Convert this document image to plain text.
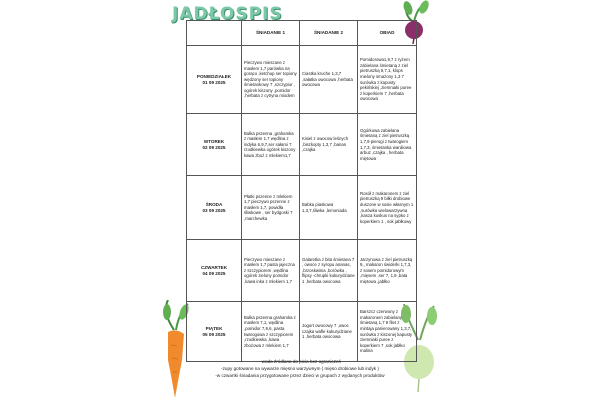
JADŁOSPIS
	ŚNIADANIE 1	ŚNIADANIE 2	OBIAD

PONIEDZIAŁEK
01 09 2025	Pieczywo mieszane z masłem 1,7 parówka na gorąco ,ketchup ser topiony wędzony ser topiony śmietankowy 7 ,szczypior , ogórek kiszony ,pomidor ,herbata z cytryna miodem	Ciastka kruche 1,3,7 ,sałatka owocowa ,herbata owocowa	Pomidorowa1,9,7 z ryżem zabielana śmietaną z ziel pietruszką 9,7,1, klops mielony smażony 1,3 7 surówka z kapusty pekińskiej ,ziemniaki puree z koperkiem 7 ,herbata owocowa

WTOREK
02 09 2025	Bułka pszenna ,grahamka z masłem 1,7 wędlina z indyka 6,9,7,ser sałami 7 rzodkiewka ogórek kiszony kawa zboż z mlekiem1,7	Kisiel z owocow leśnych ,biszkopty 1,3,7 ,banan ,czajka	Ogórkowa zabielana śmietaną z ziel pietruszką 1,7,9 pierogi z twarogiem 1,7,3, śmietanka waniliowa arbuz ,czajka , herbata miętowa

ŚRODA
03 09 2025	Płatki pszenne z mlekiem 1,7 pieczywo pszenne z masłem 1,7, powidła śliwkowe , ser bydgoski 7 ,marchewka	Babka piaskowa 1,3,7,śliwka ,lemoniada	Rosół z makaronem z ziel pietruszką 9 biłki drobiowe duszone w sosie własnym 1 ,surówka wielowarzywna ,kasza kuskus na sypko z koperkiem 1 , sok jabłkowy

CZWARTEK
04 09 2025	Pieczywo mieszane z masłem 1,7 pasta jajeczna z szczypiorem ,wędlina ogórek zielony pomidor ,kawa inka z mlekiem 1,7	Galaretka z bita śmietana 7 , owoce z syropu ananas, ,brzoskwinia ,borówka , flipsy -chrupki kukurydziane 1 ,herbata owocowa	Jarzynowa z ziel pietruszką 9,, makaron świderki 1,7,3, z sosem pomidorowym ,mięsem ,ser 7, 1,9 ,bata miętowa ,jabłko

PIĄTEK
05 09 2025	Bułka pszenna grahamka z masłem 7,1, wędlina ,pomidor 7,9,6, pasta twarogowa z szczypiorem ,rzodkiewka ,kawa zbożowa z mlekiem 1,7	Jogurt owocowy 7 ,owoc czajka wafle kukurydziane 1 ,herbata owocowa	Barszcz czerwony z makaronem zabielany śmietaną 1,7 9 filet z mintaja panierowany 1,3,7, surówka z kiszonej kapusty ziemniaki puree z koperkiem 7 ,sok jabłko malina
- woda źródlana do picia bez ograniczeń
-zupy gotowane na wywarze mięsno warzywnym ( mięso drobiowe lub indyk )
-w czwartki śniadania przygotowane przez dzieci w grupach z wydanych produktów
